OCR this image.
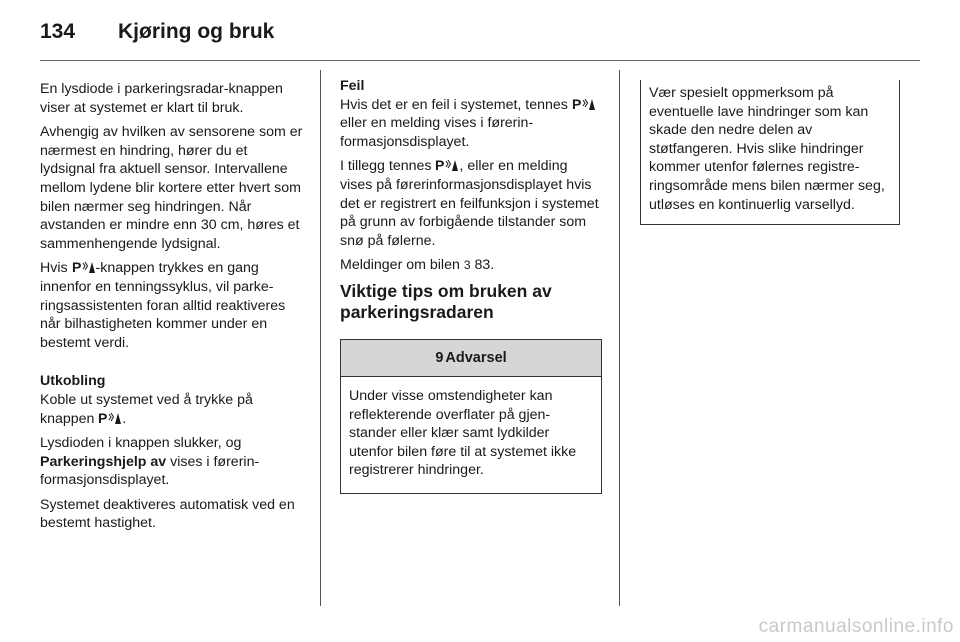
134 Kjøring og bruk

En lysdiode i parkeringsradar-knappen viser at systemet er klart til bruk.

Avhengig av hvilken av sensorene som er nærmest en hindring, hører du et lydsignal fra aktuell sensor. Intervallene mellom lydene blir kortere etter hvert som bilen nærmer seg hindringen. Når avstanden er mindre enn 30 cm, høres et sammenhengende lydsignal.

Hvis P -knappen trykkes en gang innenfor en tenningssyklus, vil parkeringsassistenten foran alltid reaktiveres når bilhastigheten kommer under en bestemt verdi.

Utkobling

Koble ut systemet ved å trykke på knappen P .

Lysdioden i knappen slukker, og Parkeringshjelp av vises i førerinformasjonsdisplayet.

Systemet deaktiveres automatisk ved en bestemt hastighet.

Feil

Hvis det er en feil i systemet, tennes P
eller en melding vises i førerinformasjonsdisplayet.

I tillegg tennes P , eller en melding vises på førerinformasjonsdisplayet hvis det er registrert en feilfunksjon i systemet på grunn av forbigående tilstander som snø på følerne.

Meldinger om bilen 3 83.

Viktige tips om bruken av parkeringsradaren

9 Advarsel
Under visse omstendigheter kan reflekterende overflater på gjenstander eller klær samt lydkilder utenfor bilen føre til at systemet ikke registrerer hindringer.
Vær spesielt oppmerksom på eventuelle lave hindringer som kan skade den nedre delen av støtfangeren. Hvis slike hindringer kommer utenfor følernes registreringsområde mens bilen nærmer seg, utløses en kontinuerlig varsellyd.
carmanualsonline.info
